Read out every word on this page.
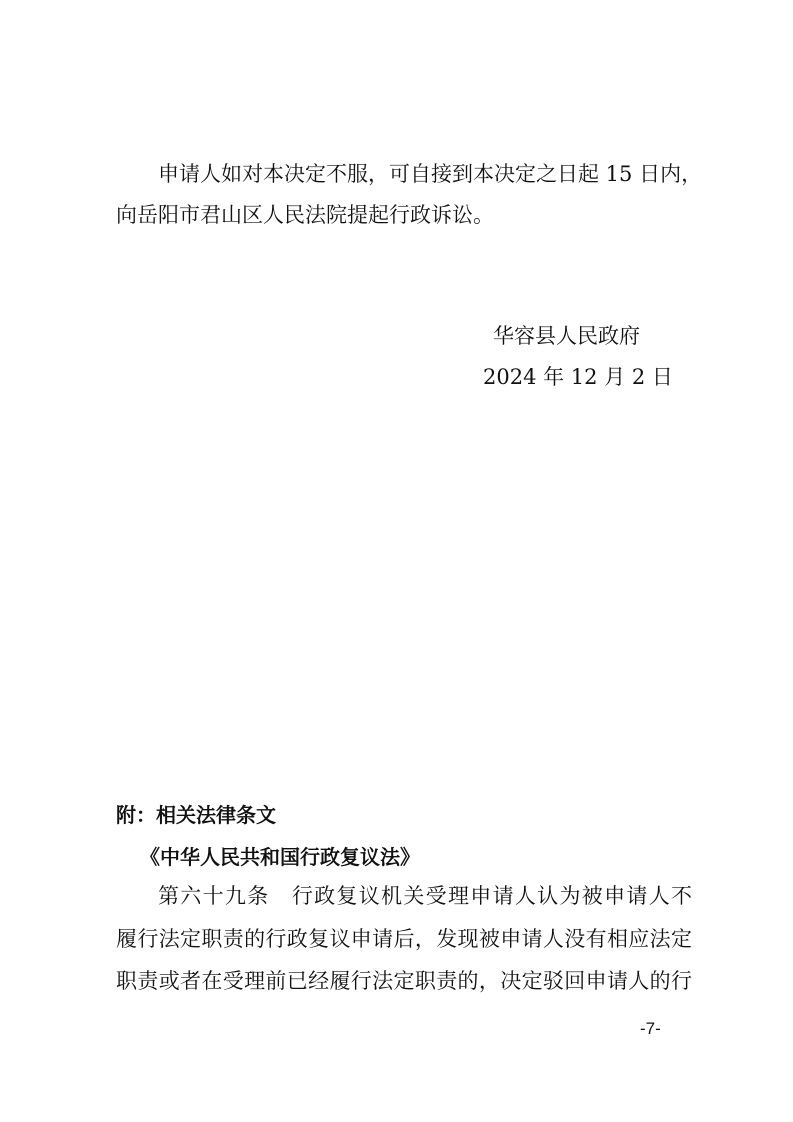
申请人如对本决定不服，可自接到本决定之日起 15 日内，
向岳阳市君山区人民法院提起行政诉讼。
华容县人民政府
2024 年 12 月 2 日
附：相关法律条文
《中华人民共和国行政复议法》
第六十九条　行政复议机关受理申请人认为被申请人不
履行法定职责的行政复议申请后，发现被申请人没有相应法定
职责或者在受理前已经履行法定职责的，决定驳回申请人的行
-7-
